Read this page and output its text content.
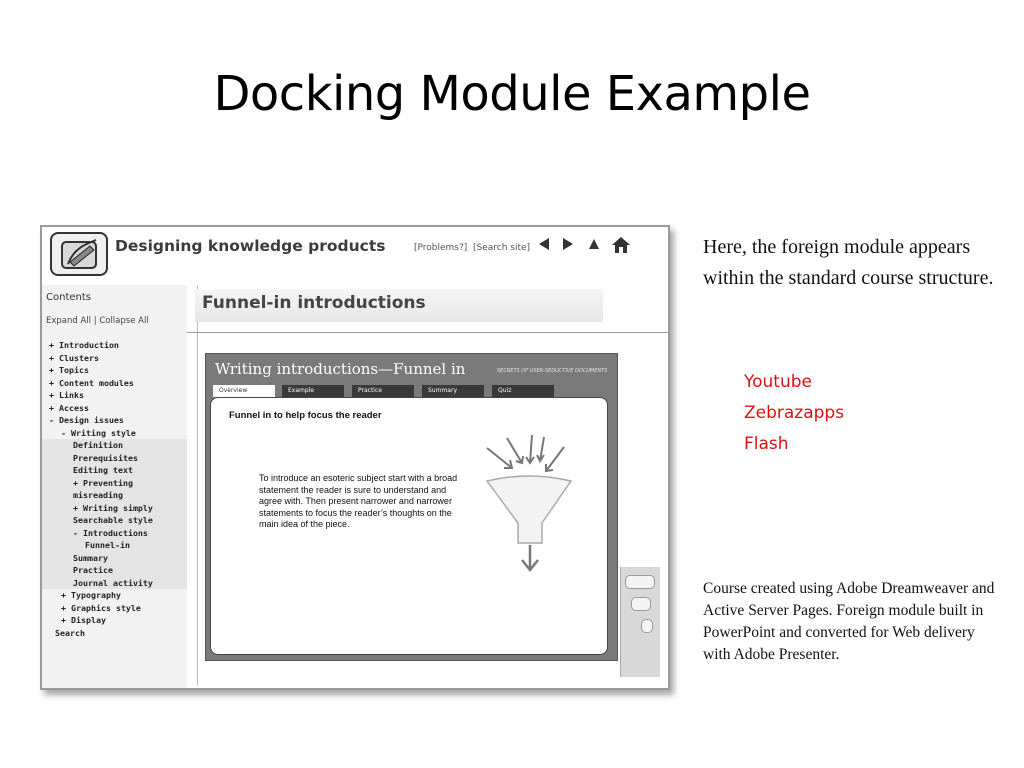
Docking Module Example
Designing knowledge products	[Problems?] [Search site]
Contents
Expand All | Collapse All
+ Introduction
+ Clusters
+ Topics
+ Content modules
+ Links
+ Access
- Design issues
- Writing style
Definition
Prerequisites
Editing text
+ Preventing
misreading
+ Writing simply
Searchable style
- Introductions
Funnel-in
Summary
Practice
Journal activity
+ Typography
+ Graphics style
+ Display
Search
Funnel-in introductions
Writing introductions—Funnel in	SECRETS OF USER-SEDUCTIVE DOCUMENTS
Overview	Example	Practice	Summary	Quiz
Funnel in to help focus the reader
To introduce an esoteric subject start with a broad statement the reader is sure to understand and agree with. Then present narrower and narrower statements to focus the reader’s thoughts on the main idea of the piece.
Here, the foreign module appears within the standard course structure.
Youtube
Zebrazapps
Flash
Course created using Adobe Dreamweaver and Active Server Pages. Foreign module built in PowerPoint and converted for Web delivery with Adobe Presenter.
